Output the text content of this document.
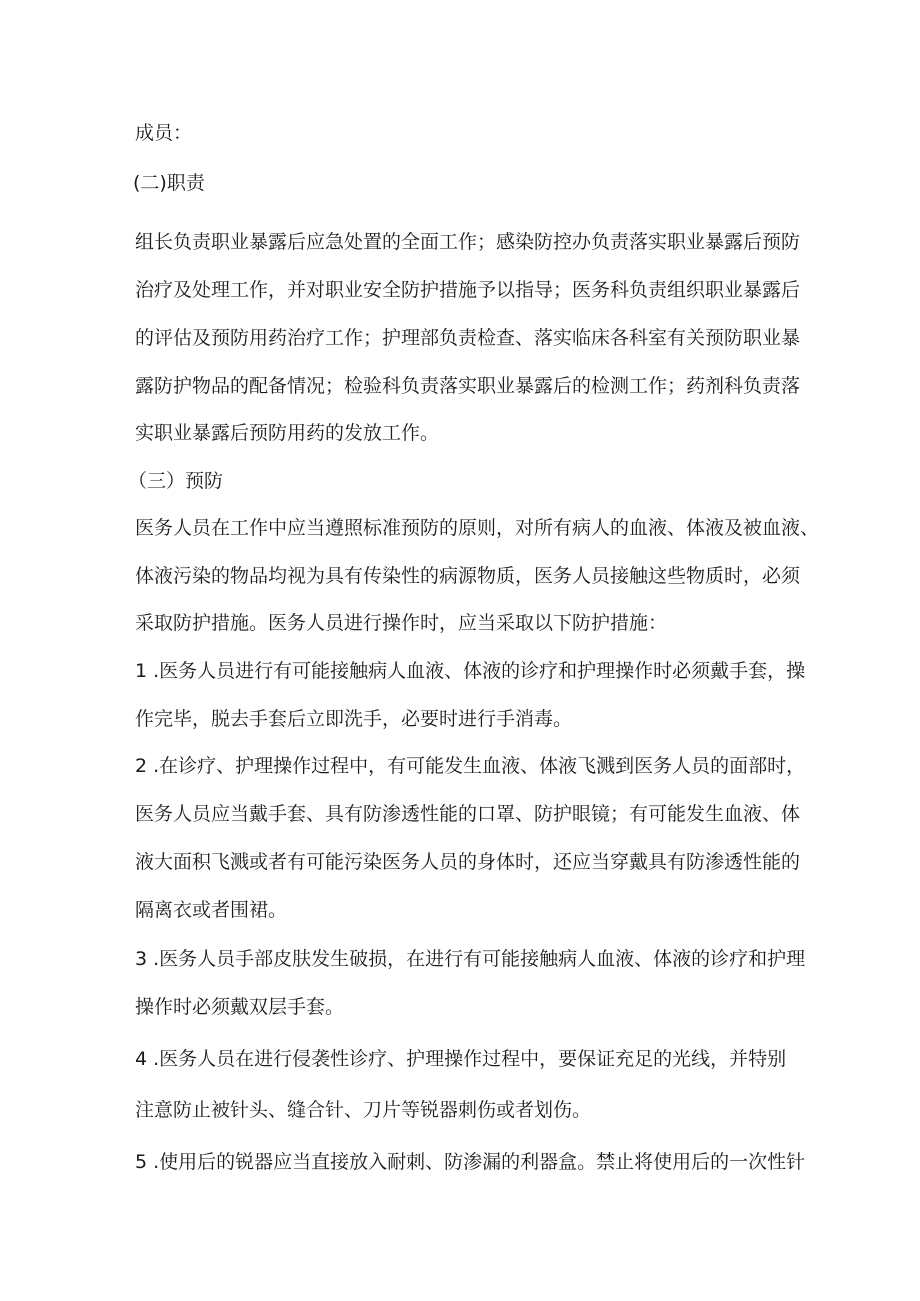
成员：
(二)职责
组长负责职业暴露后应急处置的全面工作；感染防控办负责落实职业暴露后预防
治疗及处理工作，并对职业安全防护措施予以指导；医务科负责组织职业暴露后
的评估及预防用药治疗工作；护理部负责检查、落实临床各科室有关预防职业暴
露防护物品的配备情况；检验科负责落实职业暴露后的检测工作；药剂科负责落
实职业暴露后预防用药的发放工作。
（三）预防
医务人员在工作中应当遵照标准预防的原则，对所有病人的血液、体液及被血液、
体液污染的物品均视为具有传染性的病源物质，医务人员接触这些物质时，必须
采取防护措施。医务人员进行操作时，应当采取以下防护措施：
1 .医务人员进行有可能接触病人血液、体液的诊疗和护理操作时必须戴手套，操
作完毕，脱去手套后立即洗手，必要时进行手消毒。
2 .在诊疗、护理操作过程中，有可能发生血液、体液飞溅到医务人员的面部时，
医务人员应当戴手套、具有防渗透性能的口罩、防护眼镜；有可能发生血液、体
液大面积飞溅或者有可能污染医务人员的身体时，还应当穿戴具有防渗透性能的
隔离衣或者围裙。
3 .医务人员手部皮肤发生破损，在进行有可能接触病人血液、体液的诊疗和护理
操作时必须戴双层手套。
4 .医务人员在进行侵袭性诊疗、护理操作过程中，要保证充足的光线，并特别
注意防止被针头、缝合针、刀片等锐器刺伤或者划伤。
5 .使用后的锐器应当直接放入耐刺、防渗漏的利器盒。禁止将使用后的一次性针
